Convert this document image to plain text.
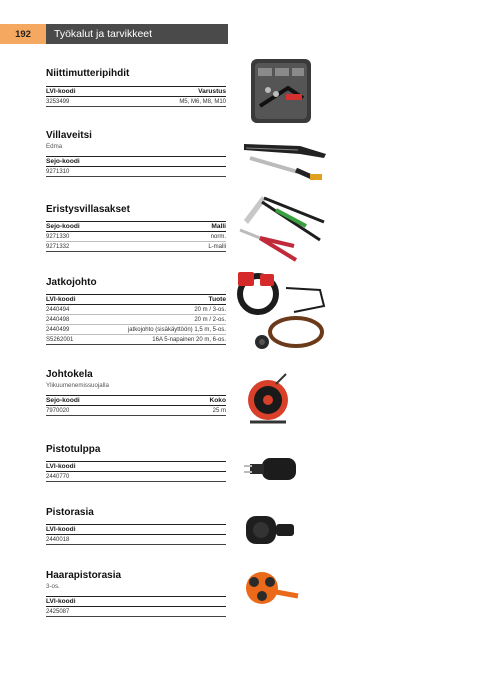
192	Työkalut ja tarvikkeet
Niittimutteripihdit
LVI-koodi	Varustus
3253499	M5, M6, M8, M10
Villaveitsi
Edma
Sejo-koodi
9271310
Eristysvillasakset
Sejo-koodi	Malli
9271330	norm.
9271332	L-malli
Jatkojohto
LVI-koodi	Tuote
2440494	20 m / 3-os.
2440498	20 m / 2-os.
2440499	jatkojohto (sisäkäyttöön) 1,5 m, 5-os.
S5262001	16A 5-napainen 20 m, 6-os.
Johtokela
Ylikuumenemissuojalla
Sejo-koodi	Koko
7970020	25 m
Pistotulppa
LVI-koodi
2440770
Pistorasia
LVI-koodi
2440018
Haarapistorasia
3-os.
LVI-koodi
2425087
